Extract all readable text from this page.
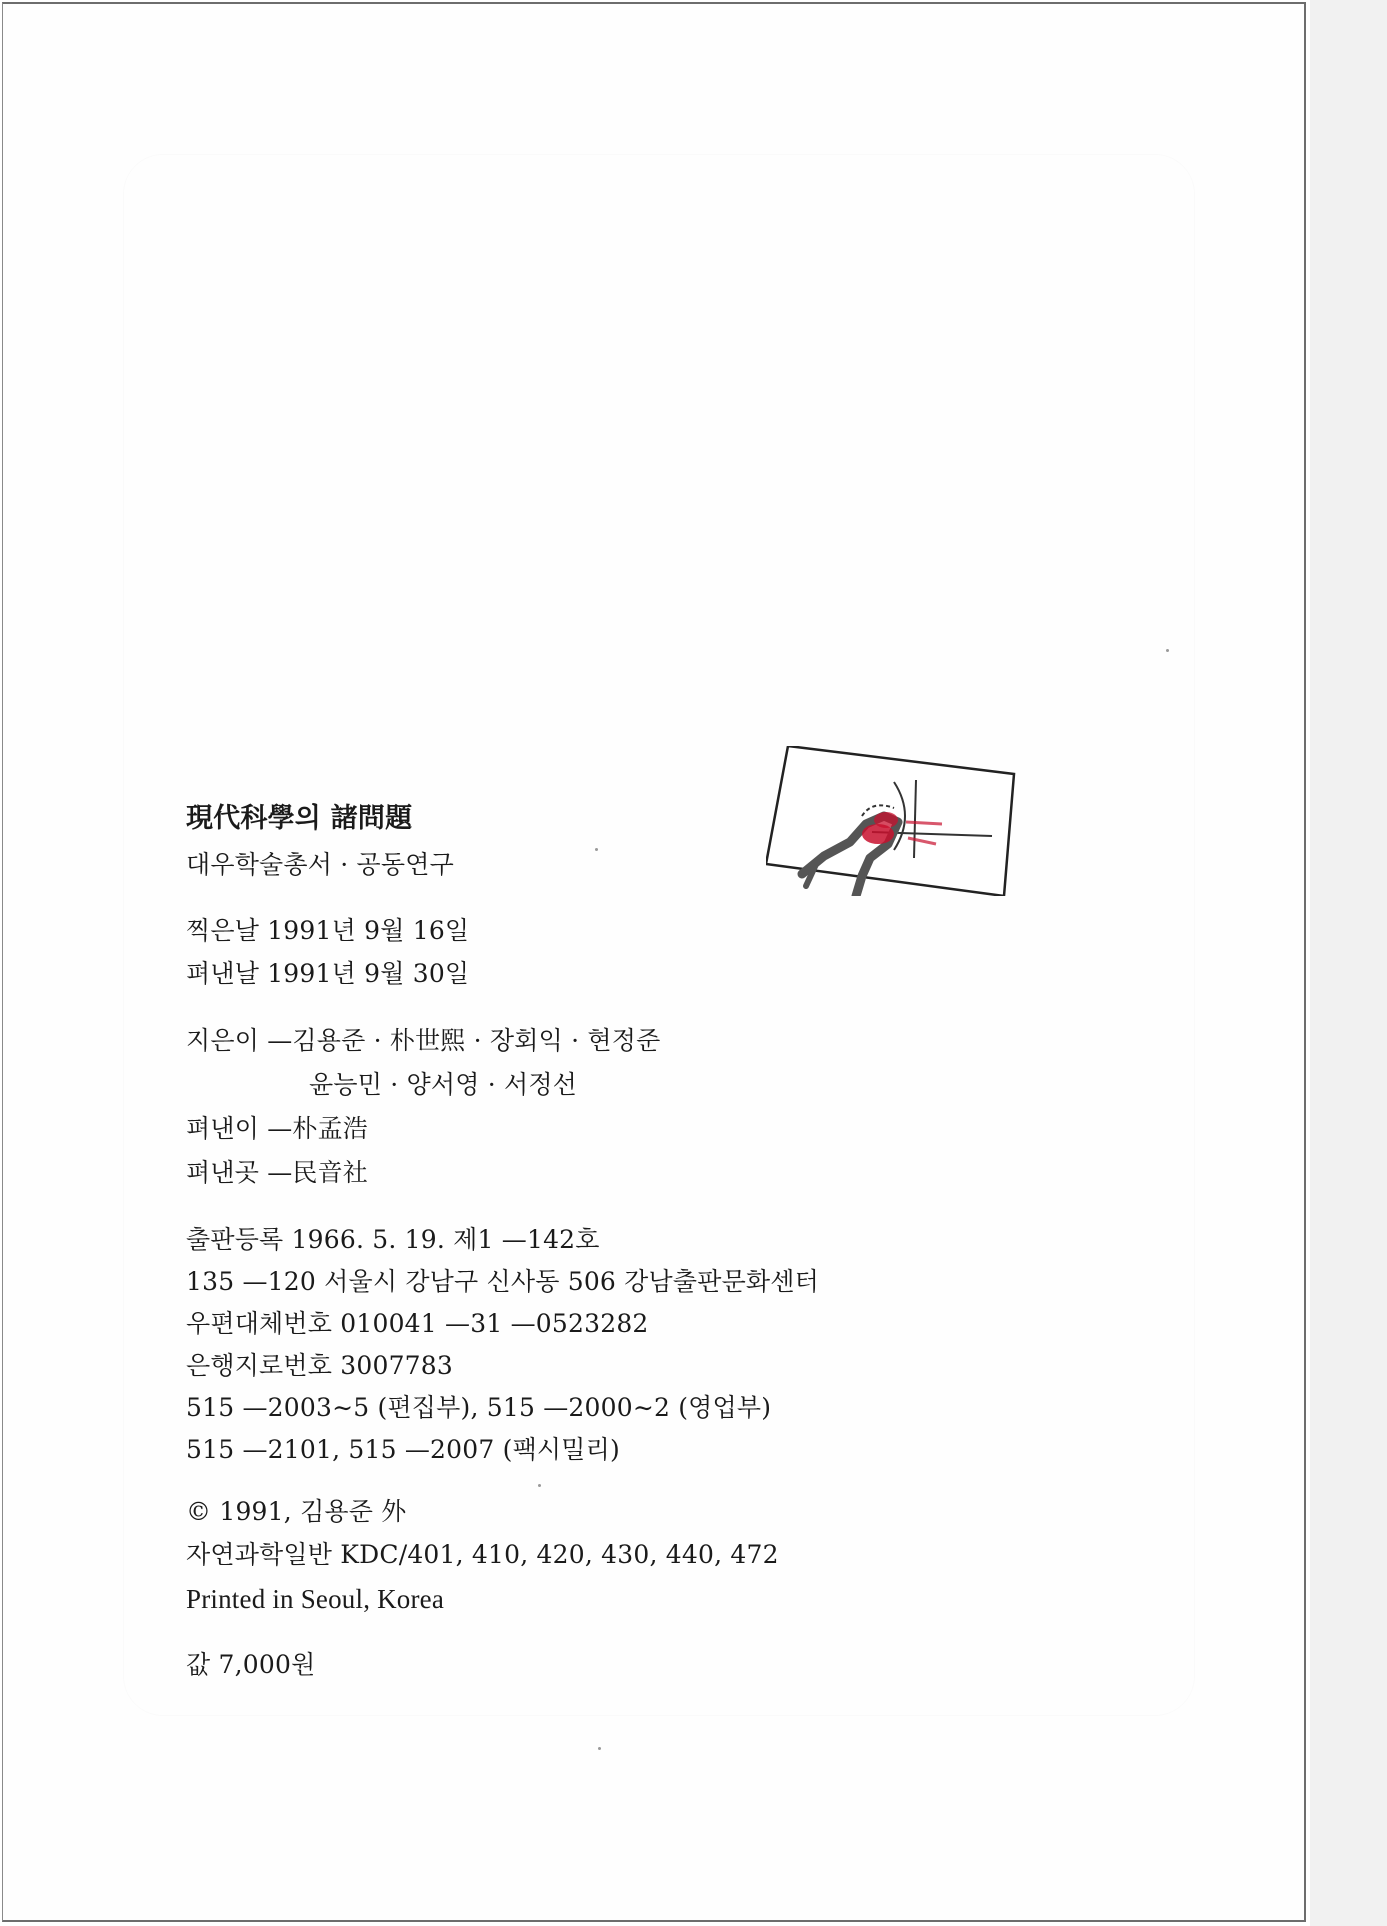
現代科學의 諸問題
대우학술총서 · 공동연구
찍은날 1991년 9월 16일
펴낸날 1991년 9월 30일
지은이 —김용준 · 朴世熙 · 장회익 · 현정준
윤능민 · 양서영 · 서정선
펴낸이 —朴孟浩
펴낸곳 —民音社
출판등록 1966. 5. 19. 제1 —142호
135 —120 서울시 강남구 신사동 506 강남출판문화센터
우편대체번호 010041 —31 —0523282
은행지로번호 3007783
515 —2003∼5 (편집부), 515 —2000∼2 (영업부)
515 —2101, 515 —2007 (팩시밀리)
© 1991, 김용준 外
자연과학일반 KDC/401, 410, 420, 430, 440, 472
Printed in Seoul, Korea
값 7,000원
